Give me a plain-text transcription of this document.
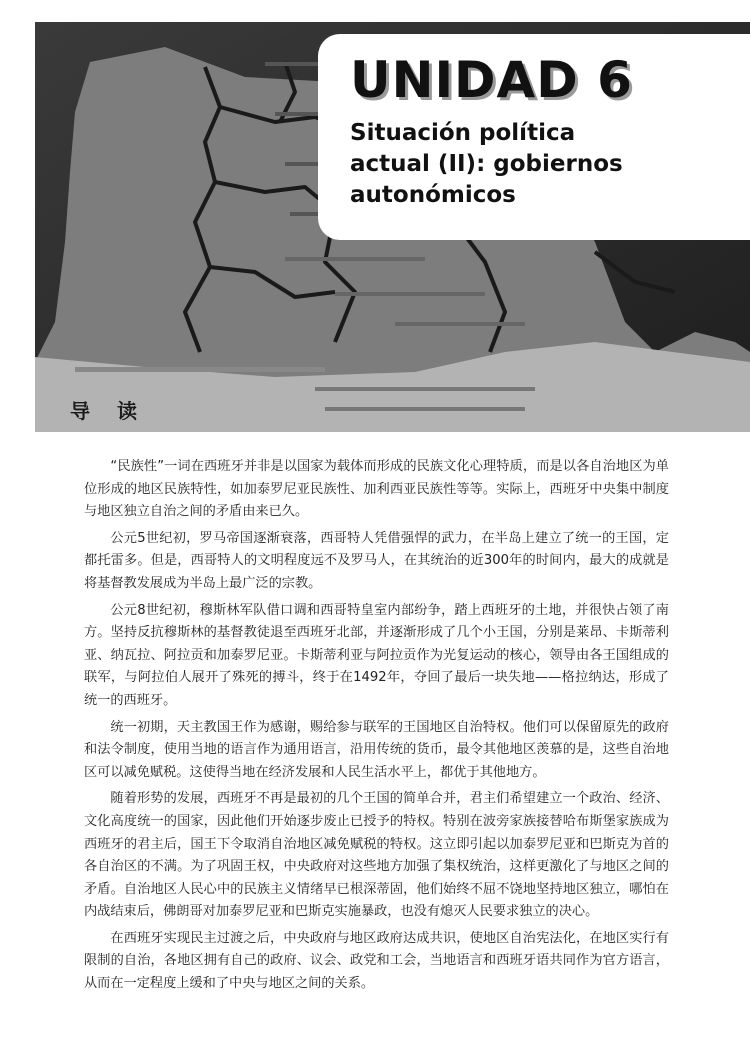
UNIDAD 6
Situación política
actual (II): gobiernos
autonómicos
导 读

“民族性”一词在西班牙并非是以国家为载体而形成的民族文化心理特质，而是以各自治地区为单位形成的地区民族特性，如加泰罗尼亚民族性、加利西亚民族性等等。实际上，西班牙中央集中制度与地区独立自治之间的矛盾由来已久。

公元5世纪初，罗马帝国逐渐衰落，西哥特人凭借强悍的武力，在半岛上建立了统一的王国，定都托雷多。但是，西哥特人的文明程度远不及罗马人，在其统治的近300年的时间内，最大的成就是将基督教发展成为半岛上最广泛的宗教。

公元8世纪初，穆斯林军队借口调和西哥特皇室内部纷争，踏上西班牙的土地，并很快占领了南方。坚持反抗穆斯林的基督教徒退至西班牙北部，并逐渐形成了几个小王国，分别是莱昂、卡斯蒂利亚、纳瓦拉、阿拉贡和加泰罗尼亚。卡斯蒂利亚与阿拉贡作为光复运动的核心，领导由各王国组成的联军，与阿拉伯人展开了殊死的搏斗，终于在1492年，夺回了最后一块失地——格拉纳达，形成了统一的西班牙。

统一初期，天主教国王作为感谢，赐给参与联军的王国地区自治特权。他们可以保留原先的政府和法令制度，使用当地的语言作为通用语言，沿用传统的货币，最令其他地区羡慕的是，这些自治地区可以减免赋税。这使得当地在经济发展和人民生活水平上，都优于其他地方。

随着形势的发展，西班牙不再是最初的几个王国的简单合并，君主们希望建立一个政治、经济、文化高度统一的国家，因此他们开始逐步废止已授予的特权。特别在波旁家族接替哈布斯堡家族成为西班牙的君主后，国王下令取消自治地区减免赋税的特权。这立即引起以加泰罗尼亚和巴斯克为首的各自治区的不满。为了巩固王权，中央政府对这些地方加强了集权统治，这样更激化了与地区之间的矛盾。自治地区人民心中的民族主义情绪早已根深蒂固，他们始终不屈不饶地坚持地区独立，哪怕在内战结束后，佛朗哥对加泰罗尼亚和巴斯克实施暴政，也没有熄灭人民要求独立的决心。

在西班牙实现民主过渡之后，中央政府与地区政府达成共识，使地区自治宪法化，在地区实行有限制的自治，各地区拥有自己的政府、议会、政党和工会，当地语言和西班牙语共同作为官方语言，从而在一定程度上缓和了中央与地区之间的关系。
